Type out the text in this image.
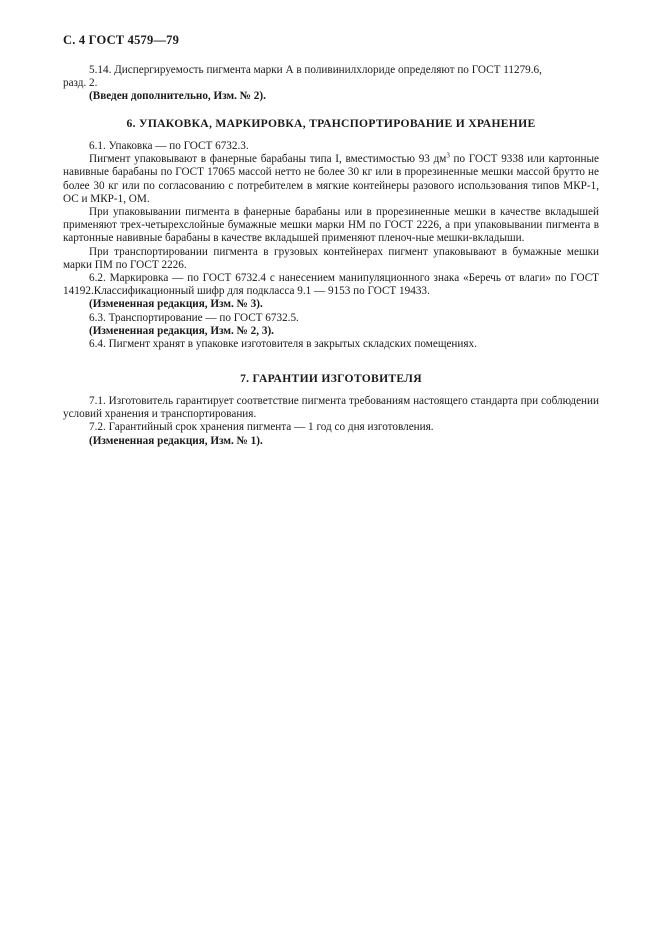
С. 4 ГОСТ 4579—79

5.14. Диспергируемость пигмента марки А в поливинилхлориде определяют по ГОСТ 11279.6,

разд. 2.

(Введен дополнительно, Изм. № 2).

6. УПАКОВКА, МАРКИРОВКА, ТРАНСПОРТИРОВАНИЕ И ХРАНЕНИЕ

6.1. Упаковка — по ГОСТ 6732.3.

Пигмент упаковывают в фанерные барабаны типа I, вместимостью 93 $дм^3$ по ГОСТ 9338 или картонные навивные барабаны по ГОСТ 17065 массой нетто не более 30 кг или в прорезиненные мешки массой брутто не более 30 кг или по согласованию с потребителем в мягкие контейнеры разового использования типов МКР-1, ОС и МКР-1, ОМ.

При упаковывании пигмента в фанерные барабаны или в прорезиненные мешки в качестве вкладышей применяют трех-четырехслойные бумажные мешки марки НМ по ГОСТ 2226, а при упаковывании пигмента в картонные навивные барабаны в качестве вкладышей применяют пленоч-ные мешки-вкладыши.

При транспортировании пигмента в грузовых контейнерах пигмент упаковывают в бумажные мешки марки ПМ по ГОСТ 2226.

6.2. Маркировка — по ГОСТ 6732.4 с нанесением манипуляционного знака «Беречь от влаги» по ГОСТ 14192.Классификационный шифр для подкласса 9.1 — 9153 по ГОСТ 19433.

(Измененная редакция, Изм. № 3).

6.3. Транспортирование — по ГОСТ 6732.5.

(Измененная редакция, Изм. № 2, 3).

6.4. Пигмент хранят в упаковке изготовителя в закрытых складских помещениях.

7. ГАРАНТИИ ИЗГОТОВИТЕЛЯ

7.1. Изготовитель гарантирует соответствие пигмента требованиям настоящего стандарта при соблюдении условий хранения и транспортирования.

7.2. Гарантийный срок хранения пигмента — 1 год со дня изготовления.

(Измененная редакция, Изм. № 1).
